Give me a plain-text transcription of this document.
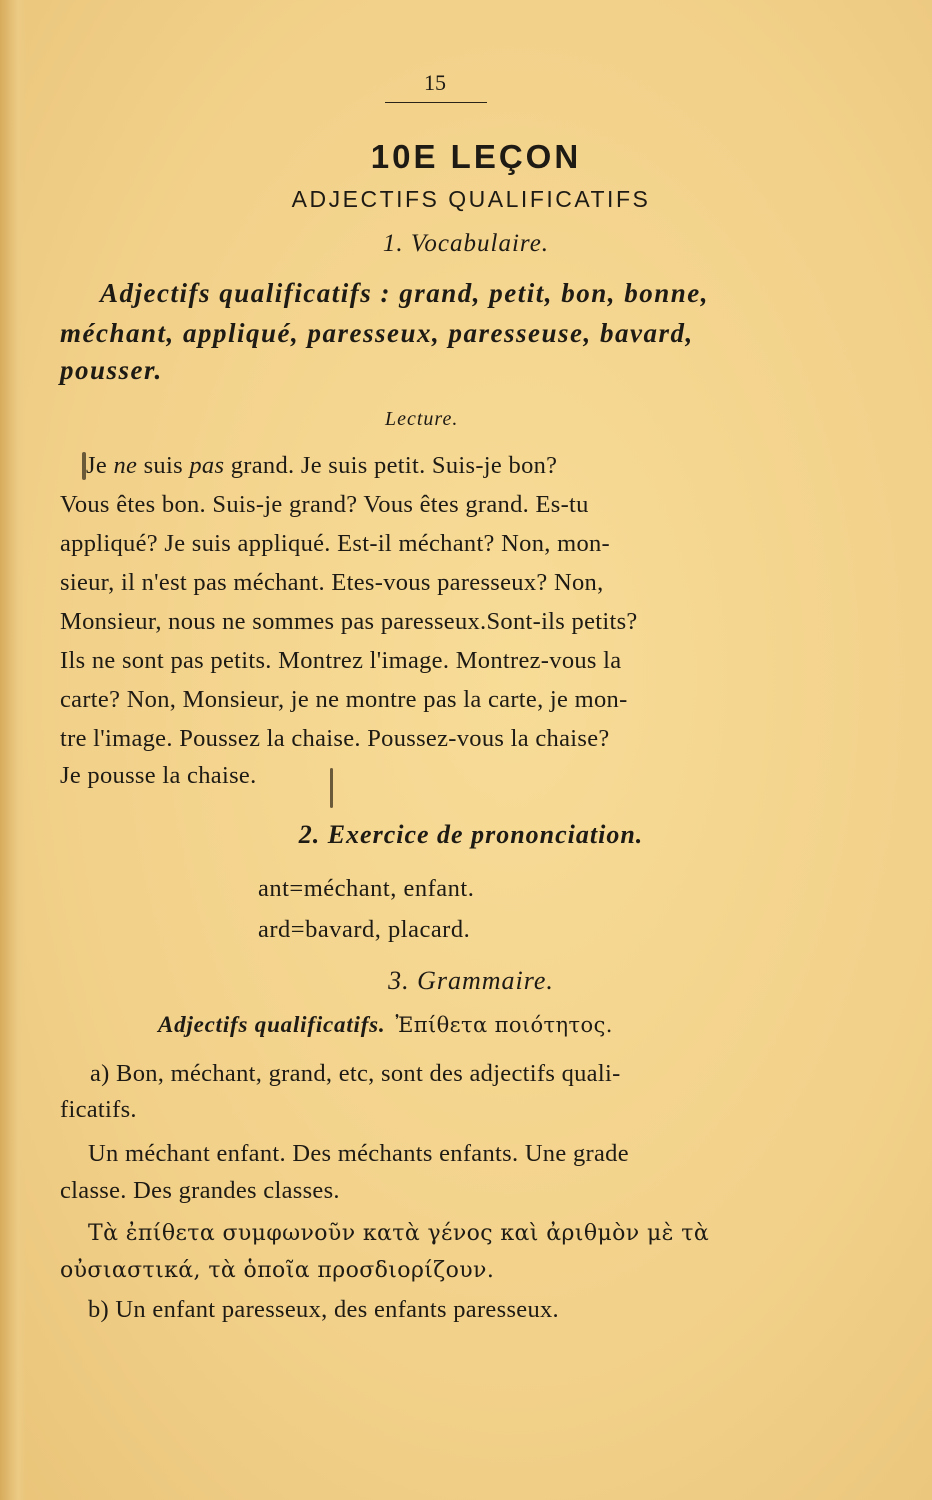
15
10E LEÇON
ADJECTIFS QUALIFICATIFS
1. Vocabulaire.
Adjectifs qualificatifs : grand, petit, bon, bonne,
méchant, appliqué, paresseux, paresseuse, bavard,
pousser.
Lecture.
Je ne suis pas grand. Je suis petit. Suis-je bon?
Vous êtes bon. Suis-je grand? Vous êtes grand. Es-tu
appliqué? Je suis appliqué. Est-il méchant? Non, mon-
sieur, il n'est pas méchant. Etes-vous paresseux? Non,
Monsieur, nous ne sommes pas paresseux.Sont-ils petits?
Ils ne sont pas petits. Montrez l'image. Montrez-vous la
carte? Non, Monsieur, je ne montre pas la carte, je mon-
tre l'image. Poussez la chaise. Poussez-vous la chaise?
Je pousse la chaise.
2. Exercice de prononciation.
ant=méchant, enfant.
ard=bavard, placard.
3. Grammaire.
Adjectifs qualificatifs. Ἐπίθετα ποιότητος.
a) Bon, méchant, grand, etc, sont des adjectifs quali-
ficatifs.
Un méchant enfant. Des méchants enfants. Une grade
classe. Des grandes classes.
Τὰ ἐπίθετα συμφωνοῦν κατὰ γένος καὶ ἀριθμὸν μὲ τὰ
οὐσιαστικά, τὰ ὁποῖα προσδιορίζουν.
b) Un enfant paresseux, des enfants paresseux.
